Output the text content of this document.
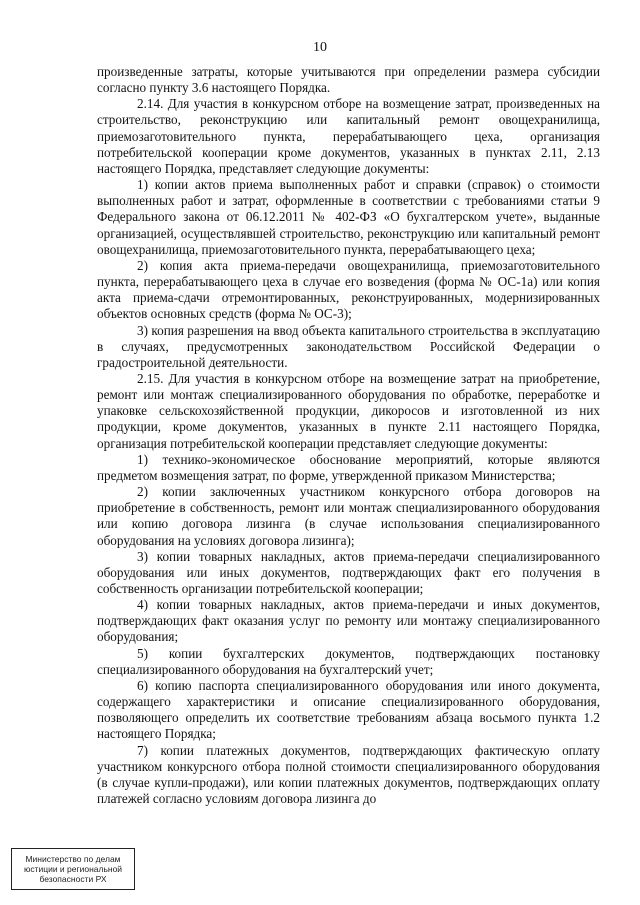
10

произведенные затраты, которые учитываются при определении размера субсидии согласно пункту 3.6 настоящего Порядка.

2.14. Для участия в конкурсном отборе на возмещение затрат, произведенных на строительство, реконструкцию или капитальный ремонт овощехранилища, приемозаготовительного пункта, перерабатывающего цеха, организация потребительской кооперации кроме документов, указанных в пунктах 2.11, 2.13 настоящего Порядка, представляет следующие документы:

1) копии актов приема выполненных работ и справки (справок) о стоимости выполненных работ и затрат, оформленные в соответствии с требованиями статьи 9 Федерального закона от 06.12.2011 № 402-ФЗ «О бухгалтерском учете», выданные организацией, осуществлявшей строительство, реконструкцию или капитальный ремонт овощехранилища, приемозаготовительного пункта, перерабатывающего цеха;

2) копия акта приема-передачи овощехранилища, приемозаготовительного пункта, перерабатывающего цеха в случае его возведения (форма № ОС-1а) или копия акта приема-сдачи отремонтированных, реконструированных, модернизированных объектов основных средств (форма № ОС-3);

3) копия разрешения на ввод объекта капитального строительства в эксплуатацию в случаях, предусмотренных законодательством Российской Федерации о градостроительной деятельности.

2.15. Для участия в конкурсном отборе на возмещение затрат на приобретение, ремонт или монтаж специализированного оборудования по обработке, переработке и упаковке сельскохозяйственной продукции, дикоросов и изготовленной из них продукции, кроме документов, указанных в пункте 2.11 настоящего Порядка, организация потребительской кооперации представляет следующие документы:

1) технико-экономическое обоснование мероприятий, которые являются предметом возмещения затрат, по форме, утвержденной приказом Министерства;

2) копии заключенных участником конкурсного отбора договоров на приобретение в собственность, ремонт или монтаж специализированного оборудования или копию договора лизинга (в случае использования специализированного оборудования на условиях договора лизинга);

3) копии товарных накладных, актов приема-передачи специализированного оборудования или иных документов, подтверждающих факт его получения в собственность организации потребительской кооперации;

4) копии товарных накладных, актов приема-передачи и иных документов, подтверждающих факт оказания услуг по ремонту или монтажу специализированного оборудования;

5) копии бухгалтерских документов, подтверждающих постановку специализированного оборудования на бухгалтерский учет;

6) копию паспорта специализированного оборудования или иного документа, содержащего характеристики и описание специализированного оборудования, позволяющего определить их соответствие требованиям абзаца восьмого пункта 1.2 настоящего Порядка;

7) копии платежных документов, подтверждающих фактическую оплату участником конкурсного отбора полной стоимости специализированного оборудования (в случае купли-продажи), или копии платежных документов, подтверждающих оплату платежей согласно условиям договора лизинга до

Министерство по делам
юстиции и региональной
безопасности РХ
